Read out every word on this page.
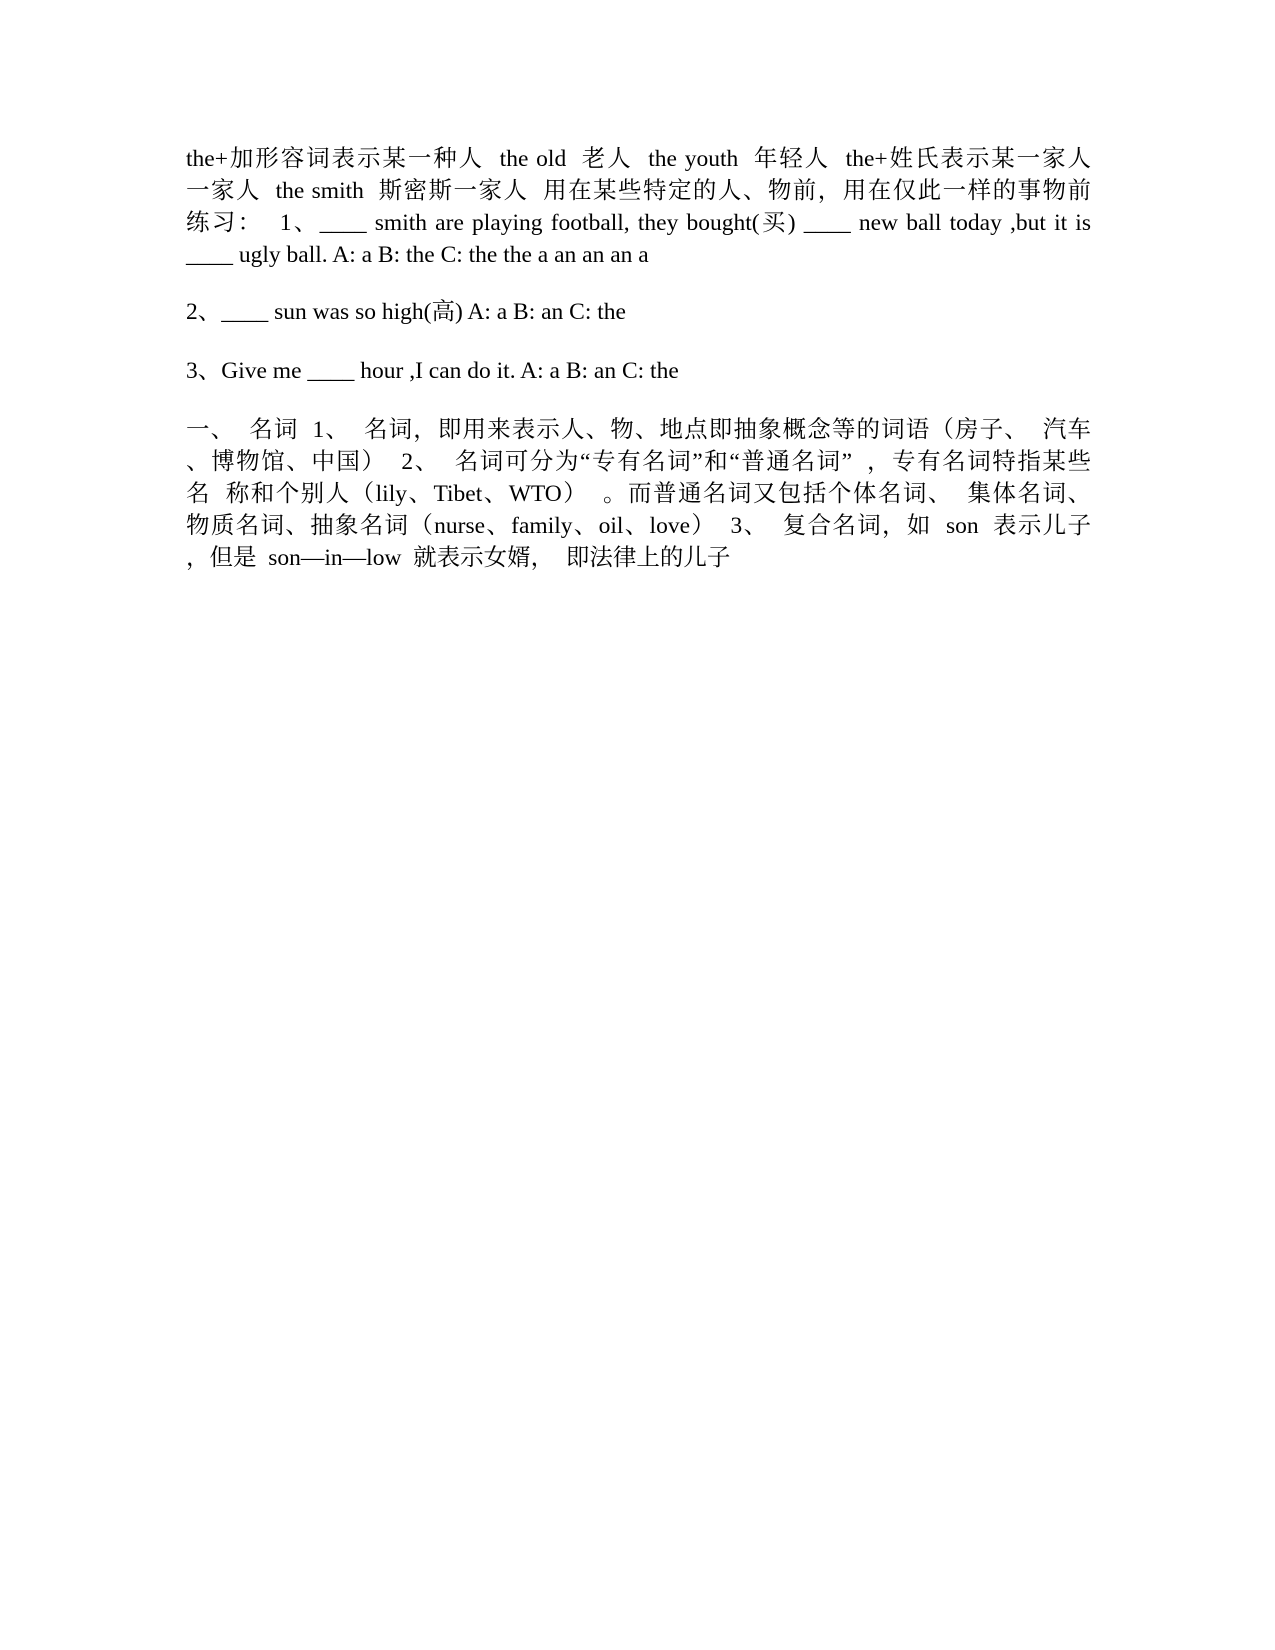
the+加形容词表示某一种人  the old  老人  the youth  年轻人  the+姓氏表示某一家人
一家人  the smith  斯密斯一家人  用在某些特定的人、物前，用在仅此一样的事物前
练习：  1、____ smith are playing football, they bought(买) ____ new ball today ,but it is
____ ugly ball. A: a B: the C: the the a an an an a
2、____ sun was so high(高) A: a B: an C: the
3、Give me ____ hour ,I can do it. A: a B: an C: the
一、  名词  1、  名词，即用来表示人、物、地点即抽象概念等的词语（房子、  汽车
、博物馆、中国）  2、  名词可分为“专有名词”和“普通名词”  ，专有名词特指某些
名  称和个别人（lily、Tibet、WTO）  。而普通名词又包括个体名词、  集体名词、
物质名词、抽象名词（nurse、family、oil、love）  3、  复合名词，如  son  表示儿子
，但是  son—in—low  就表示女婿，  即法律上的儿子
